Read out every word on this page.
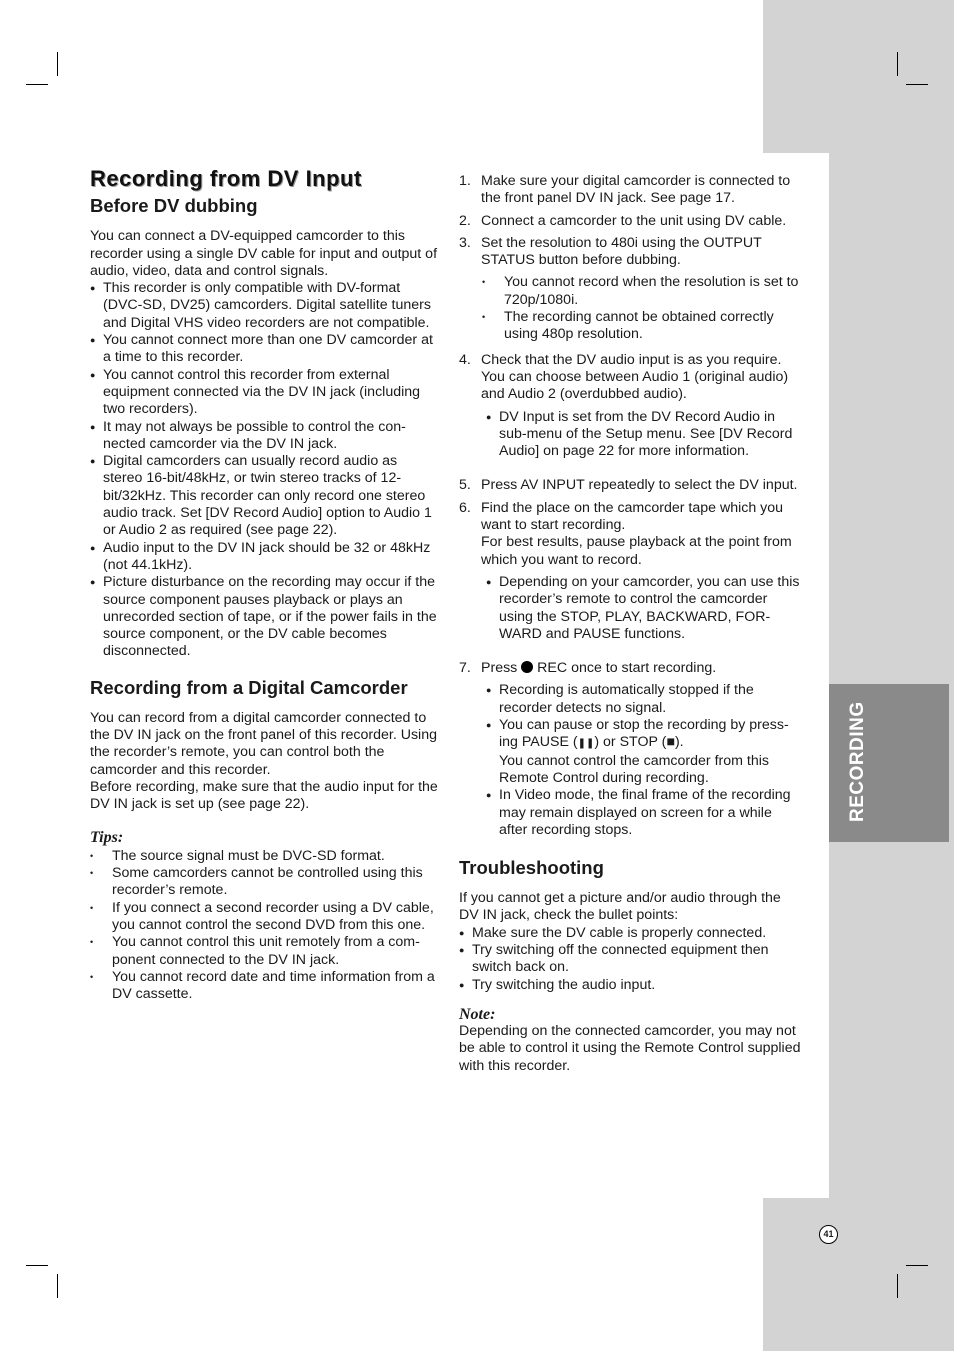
RECORDING
41
Recording from DV Input
Before DV dubbing

You can connect a DV-equipped camcorder to this recorder using a single DV cable for input and output of audio, video, data and control signals.

● This recorder is only compatible with DV-format (DVC-SD, DV25) camcorders. Digital satellite tuners and Digital VHS video recorders are not compatible.
● You cannot connect more than one DV camcorder at a time to this recorder.
● You cannot control this recorder from external equipment connected via the DV IN jack (including two recorders).
● It may not always be possible to control the con-nected camcorder via the DV IN jack.
● Digital camcorders can usually record audio as stereo 16-bit/48kHz, or twin stereo tracks of 12-bit/32kHz. This recorder can only record one stereo audio track. Set [DV Record Audio] option to Audio 1 or Audio 2 as required (see page 22).
● Audio input to the DV IN jack should be 32 or 48kHz (not 44.1kHz).
● Picture disturbance on the recording may occur if the source component pauses playback or plays an unrecorded section of tape, or if the power fails in the source component, or the DV cable becomes disconnected.
Recording from a Digital Camcorder

You can record from a digital camcorder connected to the DV IN jack on the front panel of this recorder. Using the recorder’s remote, you can control both the camcorder and this recorder.

Before recording, make sure that the audio input for the DV IN jack is set up (see page 22).

Tips:
• The source signal must be DVC-SD format.
• Some camcorders cannot be controlled using this recorder’s remote.
• If you connect a second recorder using a DV cable, you cannot control the second DVD from this one.
• You cannot control this unit remotely from a com-ponent connected to the DV IN jack.
• You cannot record date and time information from a DV cassette.
1. Make sure your digital camcorder is connected to the front panel DV IN jack. See page 17.
2. Connect a camcorder to the unit using DV cable.
3. Set the resolution to 480i using the OUTPUT STATUS button before dubbing.
• You cannot record when the resolution is set to 720p/1080i.
• The recording cannot be obtained correctly using 480p resolution.
4. Check that the DV audio input is as you require. You can choose between Audio 1 (original audio) and Audio 2 (overdubbed audio).
● DV Input is set from the DV Record Audio in sub-menu of the Setup menu. See [DV Record Audio] on page 22 for more information.
5. Press AV INPUT repeatedly to select the DV input.
6. Find the place on the camcorder tape which you want to start recording.
For best results, pause playback at the point from which you want to record.
● Depending on your camcorder, you can use this recorder’s remote to control the camcorder using the STOP, PLAY, BACKWARD, FOR-WARD and PAUSE functions.
7. Press REC once to start recording.
● Recording is automatically stopped if the recorder detects no signal.
● You can pause or stop the recording by press-ing PAUSE (❚❚) or STOP (■).
You cannot control the camcorder from this Remote Control during recording.
● In Video mode, the final frame of the recording may remain displayed on screen for a while after recording stops.
Troubleshooting

If you cannot get a picture and/or audio through the DV IN jack, check the bullet points:

● Make sure the DV cable is properly connected.
● Try switching off the connected equipment then switch back on.
● Try switching the audio input.
Note:

Depending on the connected camcorder, you may not be able to control it using the Remote Control supplied with this recorder.
